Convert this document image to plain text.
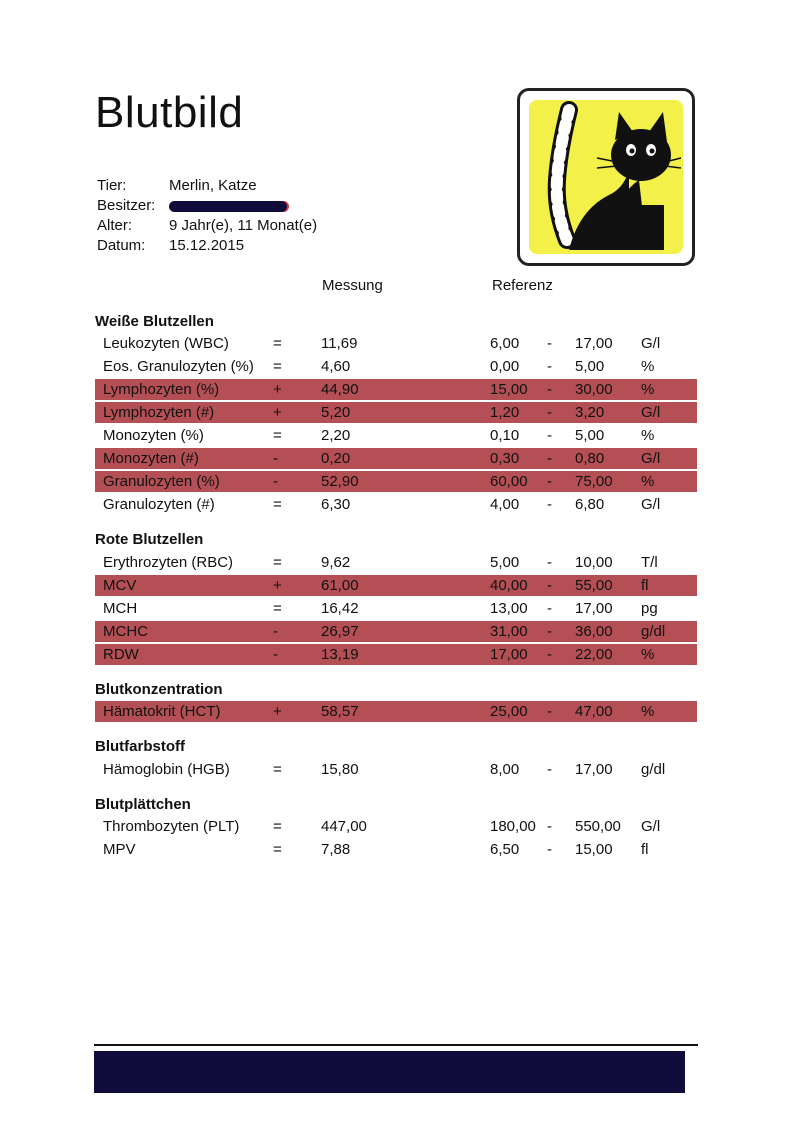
Blutbild
Tier:	Merlin, Katze
Besitzer:
Alter:	9 Jahr(e), 11 Monat(e)
Datum:	15.12.2015
Messung	Referenz
Weiße Blutzellen
Rote Blutzellen
Blutkonzentration
Blutfarbstoff
Blutplättchen
Leukozyten (WBC)	=	11,69	6,00 - 17,00 G/l
Eos. Granulozyten (%) =	4,60	0,00 - 5,00 %
Lymphozyten (%)	+	44,90	15,00 - 30,00 %
Lymphozyten (#)	+	5,20	1,20 - 3,20 G/l
Monozyten (%)	=	2,20	0,10 - 5,00 %
Monozyten (#)	-	0,20	0,30 - 0,80 G/l
Granulozyten (%)	-	52,90	60,00 - 75,00 %
Granulozyten (#)	=	6,30	4,00 - 6,80 G/l
Erythrozyten (RBC)	=	9,62	5,00 - 10,00 T/l
MCV	+	61,00	40,00 - 55,00 fl
MCH	=	16,42	13,00 - 17,00 pg
MCHC	-	26,97	31,00 - 36,00 g/dl
RDW	-	13,19	17,00 - 22,00 %
Hämatokrit (HCT)	+	58,57	25,00 - 47,00 %
Hämoglobin (HGB)	=	15,80	8,00 - 17,00 g/dl
Thrombozyten (PLT) =	447,00	180,00 - 550,00 G/l
MPV	=	7,88	6,50 - 15,00 fl
